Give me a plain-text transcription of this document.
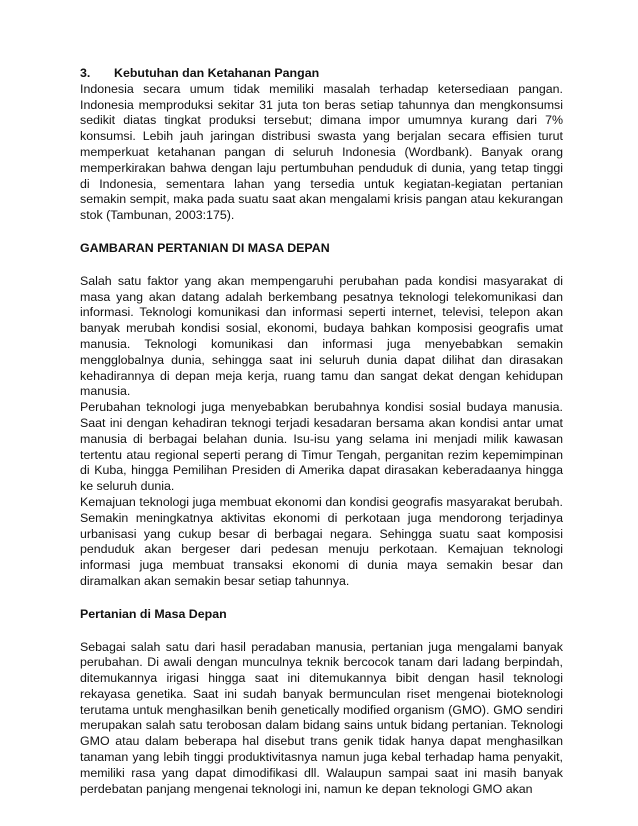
3. Kebutuhan dan Ketahanan Pangan

Indonesia secara umum tidak memiliki masalah terhadap ketersediaan pangan. Indonesia memproduksi sekitar 31 juta ton beras setiap tahunnya dan mengkonsumsi sedikit diatas tingkat produksi tersebut; dimana impor umumnya kurang dari 7% konsumsi. Lebih jauh jaringan distribusi swasta yang berjalan secara effisien turut memperkuat ketahanan pangan di seluruh Indonesia (Wordbank). Banyak orang memperkirakan bahwa dengan laju pertumbuhan penduduk di dunia, yang tetap tinggi di Indonesia, sementara lahan yang tersedia untuk kegiatan-kegiatan pertanian semakin sempit, maka pada suatu saat akan mengalami krisis pangan atau kekurangan stok (Tambunan, 2003:175).

GAMBARAN PERTANIAN DI MASA DEPAN

Salah satu faktor yang akan mempengaruhi perubahan pada kondisi masyarakat di masa yang akan datang adalah berkembang pesatnya teknologi telekomunikasi dan informasi. Teknologi komunikasi dan informasi seperti internet, televisi, telepon akan banyak merubah kondisi sosial, ekonomi, budaya bahkan komposisi geografis umat manusia. Teknologi komunikasi dan informasi juga menyebabkan semakin mengglobalnya dunia, sehingga saat ini seluruh dunia dapat dilihat dan dirasakan kehadirannya di depan meja kerja, ruang tamu dan sangat dekat dengan kehidupan manusia.

Perubahan teknologi juga menyebabkan berubahnya kondisi sosial budaya manusia. Saat ini dengan kehadiran teknogi terjadi kesadaran bersama akan kondisi antar umat manusia di berbagai belahan dunia. Isu-isu yang selama ini menjadi milik kawasan tertentu atau regional seperti perang di Timur Tengah, perganitan rezim kepemimpinan di Kuba, hingga Pemilihan Presiden di Amerika dapat dirasakan keberadaanya hingga ke seluruh dunia.

Kemajuan teknologi juga membuat ekonomi dan kondisi geografis masyarakat berubah. Semakin meningkatnya aktivitas ekonomi di perkotaan juga mendorong terjadinya urbanisasi yang cukup besar di berbagai negara. Sehingga suatu saat komposisi penduduk akan bergeser dari pedesan menuju perkotaan. Kemajuan teknologi informasi juga membuat transaksi ekonomi di dunia maya semakin besar dan diramalkan akan semakin besar setiap tahunnya.

Pertanian di Masa Depan

Sebagai salah satu dari hasil peradaban manusia, pertanian juga mengalami banyak perubahan. Di awali dengan munculnya teknik bercocok tanam dari ladang berpindah, ditemukannya irigasi hingga saat ini ditemukannya bibit dengan hasil teknologi rekayasa genetika. Saat ini sudah banyak bermunculan riset mengenai bioteknologi terutama untuk menghasilkan benih genetically modified organism (GMO). GMO sendiri merupakan salah satu terobosan dalam bidang sains untuk bidang pertanian. Teknologi GMO atau dalam beberapa hal disebut trans genik tidak hanya dapat menghasilkan tanaman yang lebih tinggi produktivitasnya namun juga kebal terhadap hama penyakit, memiliki rasa yang dapat dimodifikasi dll. Walaupun sampai saat ini masih banyak perdebatan panjang mengenai teknologi ini, namun ke depan teknologi GMO akan
